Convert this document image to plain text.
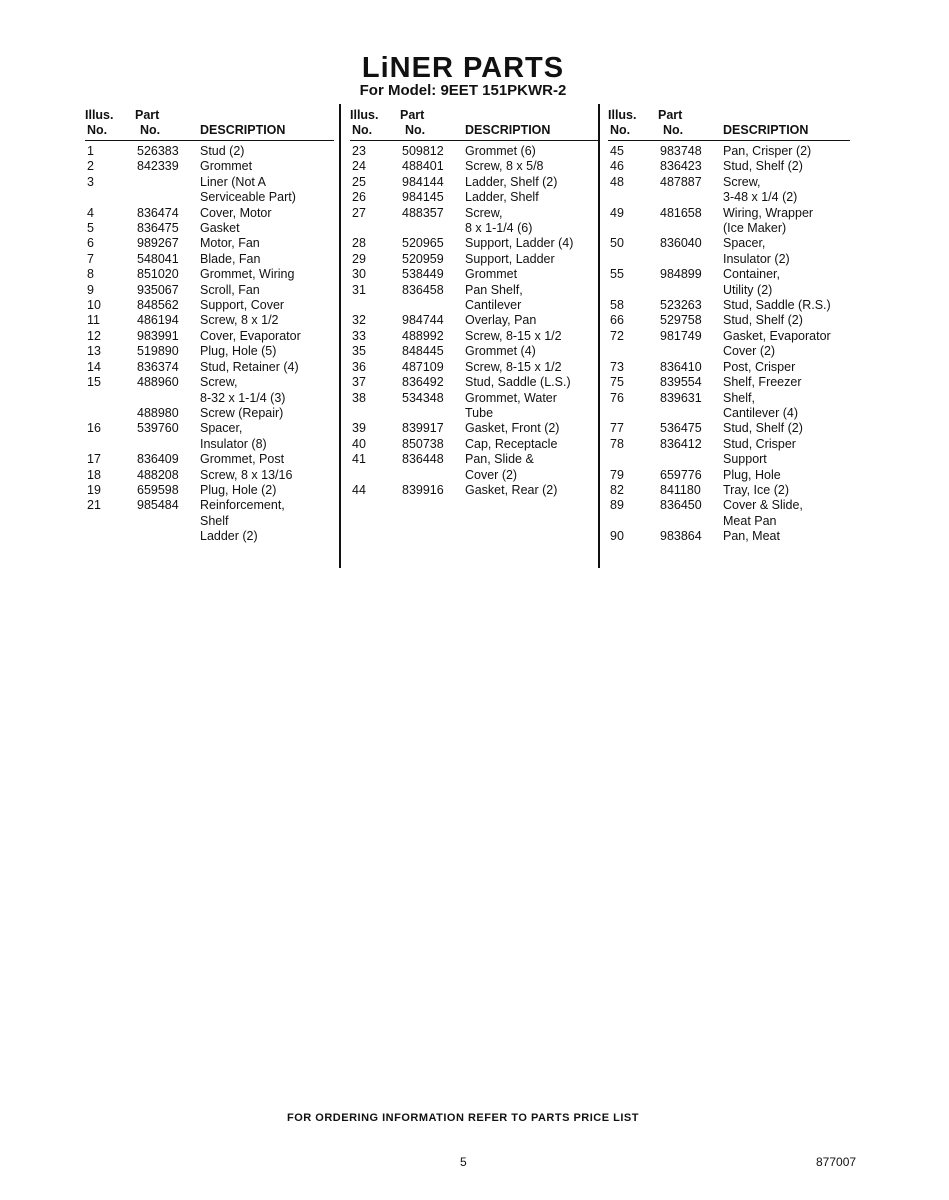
LiNER PARTS
For Model: 9EET 151PKWR-2
Illus.
No.
Part
No.	DESCRIPTION
1	526383 Stud (2)
2	842339 Grommet
3	Liner (Not A
Serviceable Part)
4	836474 Cover, Motor
5	836475 Gasket
6	989267 Motor, Fan
7	548041 Blade, Fan
8	851020 Grommet, Wiring
9	935067 Scroll, Fan
10	848562 Support, Cover
11	486194 Screw, 8 x 1/2
12	983991 Cover, Evaporator
13	519890 Plug, Hole (5)
14	836374 Stud, Retainer (4)
15	488960 Screw,
8-32 x 1-1/4 (3)
488980 Screw (Repair)
16	539760 Spacer,
Insulator (8)
17	836409 Grommet, Post
18	488208 Screw, 8 x 13/16
19	659598 Plug, Hole (2)
21	985484 Reinforcement,
Shelf
Ladder (2)
Illus.
No.
Part
No.	DESCRIPTION
23	509812 Grommet (6)
24	488401 Screw, 8 x 5/8
25	984144 Ladder, Shelf (2)
26	984145 Ladder, Shelf
27	488357 Screw,
8 x 1-1/4 (6)
28	520965 Support, Ladder (4)
29	520959 Support, Ladder
30	538449 Grommet
31	836458 Pan Shelf,
Cantilever
32	984744 Overlay, Pan
33	488992 Screw, 8-15 x 1/2
35	848445 Grommet (4)
36	487109 Screw, 8-15 x 1/2
37	836492 Stud, Saddle (L.S.)
38	534348 Grommet, Water
Tube
39	839917 Gasket, Front (2)
40	850738 Cap, Receptacle
41	836448 Pan, Slide &
Cover (2)
44	839916 Gasket, Rear (2)
Illus.
No.
Part
No.	DESCRIPTION
45	983748 Pan, Crisper (2)
46	836423 Stud, Shelf (2)
48	487887 Screw,
3-48 x 1/4 (2)
49	481658 Wiring, Wrapper
(Ice Maker)
50	836040 Spacer,
Insulator (2)
55	984899 Container,
Utility (2)
58	523263 Stud, Saddle (R.S.)
66	529758 Stud, Shelf (2)
72	981749 Gasket, Evaporator
Cover (2)
73	836410 Post, Crisper
75	839554 Shelf, Freezer
76	839631 Shelf,
Cantilever (4)
77	536475 Stud, Shelf (2)
78	836412 Stud, Crisper
Support
79	659776 Plug, Hole
82	841180 Tray, Ice (2)
89	836450 Cover & Slide,
Meat Pan
90	983864 Pan, Meat
FOR ORDERING INFORMATION REFER TO PARTS PRICE LIST
5	877007
